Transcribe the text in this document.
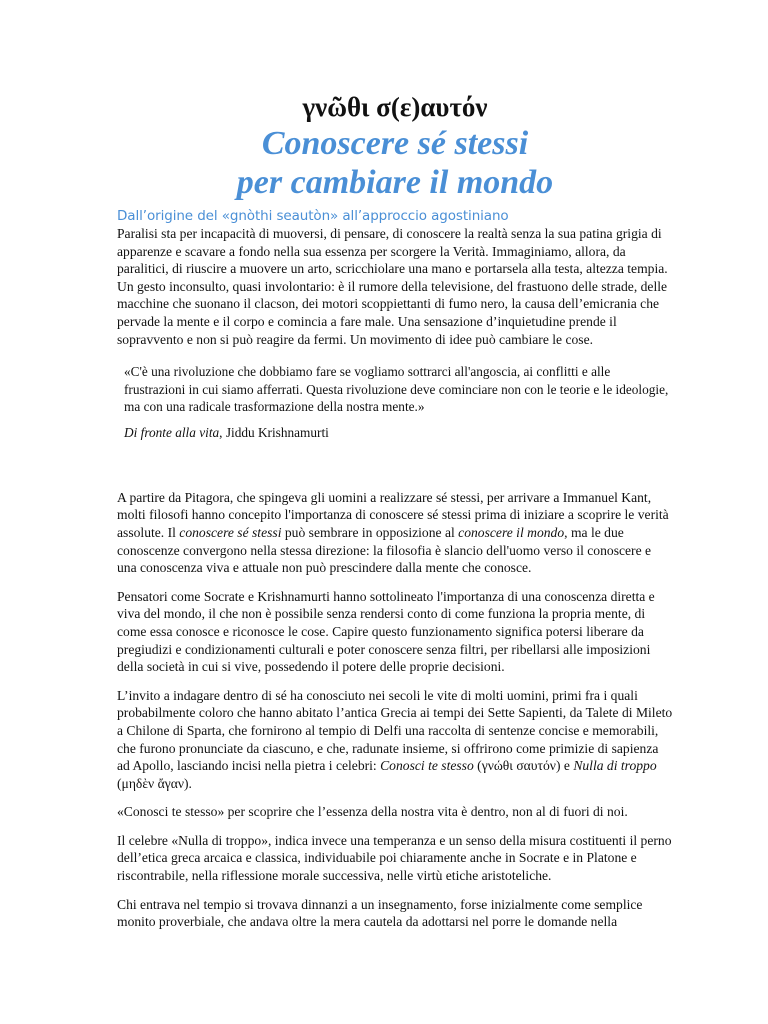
γνῶθι σ(ε)αυτόν
Conoscere sé stessi
per cambiare il mondo
Dall’origine del «gnòthi seautòn» all’approccio agostiniano

Paralisi sta per incapacità di muoversi, di pensare, di conoscere la realtà senza la sua patina grigia di apparenze e scavare a fondo nella sua essenza per scorgere la Verità. Immaginiamo, allora, da paralitici, di riuscire a muovere un arto, scricchiolare una mano e portarsela alla testa, altezza tempia. Un gesto inconsulto, quasi involontario: è il rumore della televisione, del frastuono delle strade, delle macchine che suonano il clacson, dei motori scoppiettanti di fumo nero, la causa dell’emicrania che pervade la mente e il corpo e comincia a fare male. Una sensazione d’inquietudine prende il sopravvento e non si può reagire da fermi. Un movimento di idee può cambiare le cose.

«C'è una rivoluzione che dobbiamo fare se vogliamo sottrarci all'angoscia, ai conflitti e alle frustrazioni in cui siamo afferrati. Questa rivoluzione deve cominciare non con le teorie e le ideologie, ma con una radicale trasformazione della nostra mente.»

Di fronte alla vita, Jiddu Krishnamurti

A partire da Pitagora, che spingeva gli uomini a realizzare sé stessi, per arrivare a Immanuel Kant, molti filosofi hanno concepito l'importanza di conoscere sé stessi prima di iniziare a scoprire le verità assolute. Il conoscere sé stessi può sembrare in opposizione al conoscere il mondo, ma le due conoscenze convergono nella stessa direzione: la filosofia è slancio dell'uomo verso il conoscere e una conoscenza viva e attuale non può prescindere dalla mente che conosce.

Pensatori come Socrate e Krishnamurti hanno sottolineato l'importanza di una conoscenza diretta e viva del mondo, il che non è possibile senza rendersi conto di come funziona la propria mente, di come essa conosce e riconosce le cose. Capire questo funzionamento significa potersi liberare da pregiudizi e condizionamenti culturali e poter conoscere senza filtri, per ribellarsi alle imposizioni della società in cui si vive, possedendo il potere delle proprie decisioni.

L’invito a indagare dentro di sé ha conosciuto nei secoli le vite di molti uomini, primi fra i quali probabilmente coloro che hanno abitato l’antica Grecia ai tempi dei Sette Sapienti, da Talete di Mileto a Chilone di Sparta, che fornirono al tempio di Delfi una raccolta di sentenze concise e memorabili, che furono pronunciate da ciascuno, e che, radunate insieme, si offrirono come primizie di sapienza ad Apollo, lasciando incisi nella pietra i celebri: Conosci te stesso (γνώθι σαυτόν) e Nulla di troppo (μηδὲν ἄγαν).

«Conosci te stesso» per scoprire che l’essenza della nostra vita è dentro, non al di fuori di noi.

Il celebre «Nulla di troppo», indica invece una temperanza e un senso della misura costituenti il perno dell’etica greca arcaica e classica, individuabile poi chiaramente anche in Socrate e in Platone e riscontrabile, nella riflessione morale successiva, nelle virtù etiche aristoteliche.

Chi entrava nel tempio si trovava dinnanzi a un insegnamento, forse inizialmente come semplice monito proverbiale, che andava oltre la mera cautela da adottarsi nel porre le domande nella
